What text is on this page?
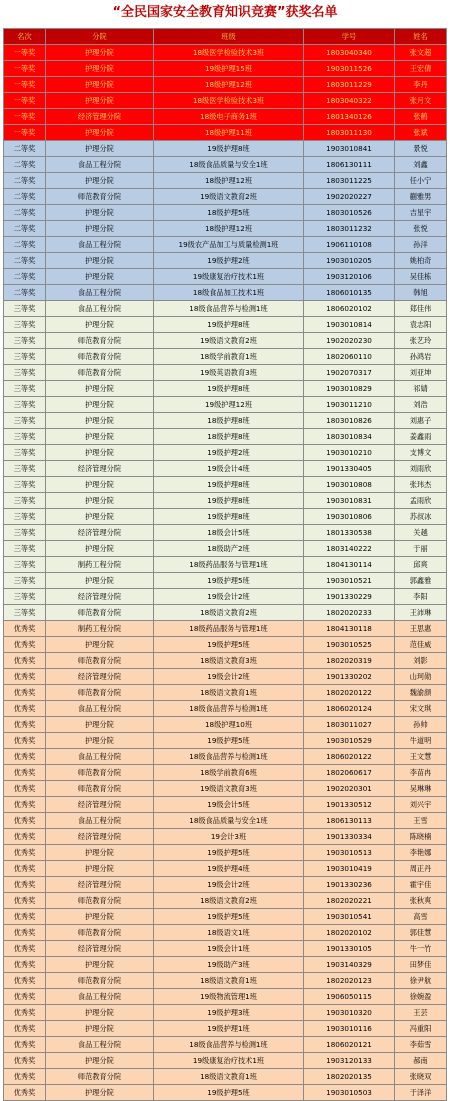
“全民国家安全教育知识竞赛”获奖名单
名次	分院	班级	学号	姓名
一等奖	护理分院	18级医学检验技术3班	1803040340	张文超
一等奖	护理分院	19级护理15班	1903011526	王宏倩
一等奖	护理分院	18级护理12班	1803011229	李丹
一等奖	护理分院	18级医学检验技术3班	1803040322	张月文
一等奖	经济管理分院	18级电子商务1班	1801340126	张鹤
一等奖	护理分院	18级护理11班	1803011130	张斌
二等奖	护理分院	19级护理8班	1903010841	景悦
二等奖	食品工程分院	18级食品质量与安全1班	1806130111	刘鑫
二等奖	护理分院	18级护理12班	1803011225	任小宁
二等奖	师范教育分院	19级语文教育2班	1902020227	蒯雅男
二等奖	护理分院	18级护理5班	1803010526	吉星宇
二等奖	护理分院	18级护理12班	1803011232	张悦
二等奖	食品工程分院	19级农产品加工与质量检测1班	1906110108	孙洋
二等奖	护理分院	19级护理2班	1903010205	姚柏奇
二等奖	护理分院	19级康复治疗技术1班	1903120106	吴佳栋
二等奖	食品工程分院	18级食品加工技术1班	1806010135	韩旭
三等奖	食品工程分院	18级食品营养与检测1班	1806020102	郑佳伟
三等奖	护理分院	19级护理8班	1903010814	袁志阳
三等奖	师范教育分院	19级语文教育2班	1902020230	张艺玲
三等奖	师范教育分院	18级学前教育1班	1802060110	孙鸿岩
三等奖	师范教育分院	19级英语教育3班	1902070317	刘亚坤
三等奖	护理分院	19级护理8班	1903010829	祁婧
三等奖	护理分院	19级护理12班	1903011210	刘浩
三等奖	护理分院	18级护理8班	1803010826	刘惠子
三等奖	护理分院	18级护理8班	1803010834	姜鑫雨
三等奖	护理分院	19级护理2班	1903010210	支博文
三等奖	经济管理分院	19级会计4班	1901330405	刘雨欣
三等奖	护理分院	19级护理8班	1903010808	张玮杰
三等奖	护理分院	19级护理8班	1903010831	孟雨欣
三等奖	护理分院	19级护理8班	1903010806	苏叔冰
三等奖	经济管理分院	18级会计5班	1801330538	关越
三等奖	护理分院	18级助产2班	1803140222	于丽
三等奖	制药工程分院	18级药品服务与管理1班	1804130114	邱爽
三等奖	护理分院	19级护理5班	1903010521	郭鑫雅
三等奖	经济管理分院	19级会计2班	1901330229	李阳
三等奖	师范教育分院	18级语文教育2班	1802020233	王沛琳
优秀奖	制药工程分院	18级药品服务与管理1班	1804130118	王思惠
优秀奖	护理分院	19级护理5班	1903010525	范佳威
优秀奖	师范教育分院	18级语文教育3班	1802020319	刘影
优秀奖	经济管理分院	19级会计2班	1901330202	山珂勋
优秀奖	师范教育分院	18级语文教育1班	1802020122	魏渝颜
优秀奖	食品工程分院	18级食品营养与检测1班	1806020124	宋文琪
优秀奖	护理分院	18级护理10班	1803011027	孙帅
优秀奖	护理分院	19级护理5班	1903010529	牛道明
优秀奖	食品工程分院	18级食品营养与检测1班	1806020122	王文慧
优秀奖	师范教育分院	18级学前教育6班	1802060617	李苗冉
优秀奖	师范教育分院	19级语文教育3班	1902020301	吴琳琳
优秀奖	经济管理分院	19级会计5班	1901330512	刘兴宇
优秀奖	食品工程分院	18级食品质量与安全1班	1806130113	王雪
优秀奖	经济管理分院	19会计3班	1901330334	陈晓楠
优秀奖	护理分院	19级护理5班	1903010513	李艳娜
优秀奖	护理分院	19级护理4班	1903010419	周正丹
优秀奖	经济管理分院	19级会计2班	1901330236	霍宇佳
优秀奖	师范教育分院	18级语文教育2班	1802020221	张秋爽
优秀奖	护理分院	19级护理5班	1903010541	高雪
优秀奖	师范教育分院	18级语文1班	1802020102	郭佳慧
优秀奖	经济管理分院	19级会计1班	1901330105	牛一竹
优秀奖	护理分院	19级助产3班	1903140329	田梦佳
优秀奖	师范教育分院	18级语文教育1班	1802020123	徐尹航
优秀奖	食品工程分院	19级物流管理1班	1906050115	徐婉盈
优秀奖	护理分院	19级护理3班	1903010320	王芸
优秀奖	护理分院	19级护理1班	1903010116	冯重阳
优秀奖	食品工程分院	18级食品营养与检测1班	1806020121	李茹雪
优秀奖	护理分院	19级康复治疗技术1班	1903120133	郝南
优秀奖	师范教育分院	18级语文教育1班	1802020135	张晓双
优秀奖	护理分院	19级护理5班	1903010503	于泽洋
